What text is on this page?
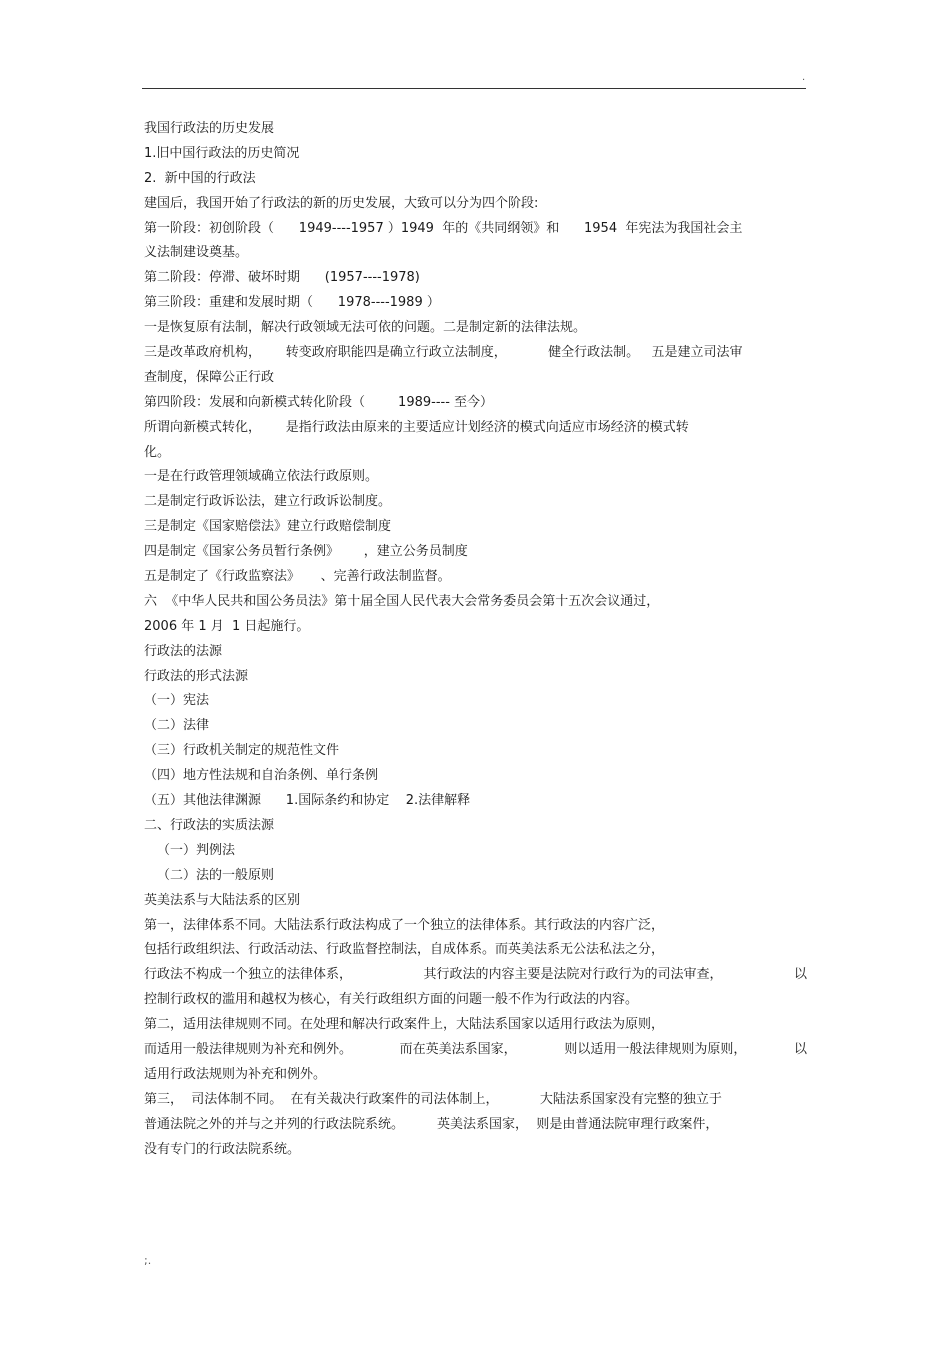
.
我国行政法的历史发展
1.旧中国行政法的历史简况
2.  新中国的行政法
建国后，我国开始了行政法的新的历史发展，大致可以分为四个阶段:
第一阶段：初创阶段（      1949----1957 ）1949  年的《共同纲领》和      1954  年宪法为我国社会主
义法制建设奠基。
第二阶段：停滞、破坏时期      (1957----1978)
第三阶段：重建和发展时期（      1978----1989 ）
一是恢复原有法制，解决行政领域无法可依的问题。二是制定新的法律法规。
三是改革政府机构，      转变政府职能四是确立行政立法制度，          健全行政法制。   五是建立司法审
查制度，保障公正行政
第四阶段：发展和向新模式转化阶段（        1989---- 至今）
所谓向新模式转化，      是指行政法由原来的主要适应计划经济的模式向适应市场经济的模式转
化。
一是在行政管理领域确立依法行政原则。
二是制定行政诉讼法，建立行政诉讼制度。
三是制定《国家赔偿法》建立行政赔偿制度
四是制定《国家公务员暂行条例》      ，建立公务员制度
五是制定了《行政监察法》     、完善行政法制监督。
六  《中华人民共和国公务员法》第十届全国人民代表大会常务委员会第十五次会议通过，
2006 年 1 月  1 日起施行。
行政法的法源
行政法的形式法源
（一）宪法
（二）法律
（三）行政机关制定的规范性文件
（四）地方性法规和自治条例、单行条例
（五）其他法律渊源      1.国际条约和协定    2.法律解释
二、行政法的实质法源
（一）判例法
（二）法的一般原则
英美法系与大陆法系的区别
第一，法律体系不同。大陆法系行政法构成了一个独立的法律体系。其行政法的内容广泛，
包括行政组织法、行政活动法、行政监督控制法，自成体系。而英美法系无公法私法之分，
行政法不构成一个独立的法律体系，	其行政法的内容主要是法院对行政行为的司法审查，	以
控制行政权的滥用和越权为核心，有关行政组织方面的问题一般不作为行政法的内容。
第二，适用法律规则不同。在处理和解决行政案件上，大陆法系国家以适用行政法为原则，
而适用一般法律规则为补充和例外。	而在英美法系国家，	则以适用一般法律规则为原则，	以
适用行政法规则为补充和例外。
第三，  司法体制不同。  在有关裁决行政案件的司法体制上，          大陆法系国家没有完整的独立于
普通法院之外的并与之并列的行政法院系统。        英美法系国家，  则是由普通法院审理行政案件，
没有专门的行政法院系统。
;.
